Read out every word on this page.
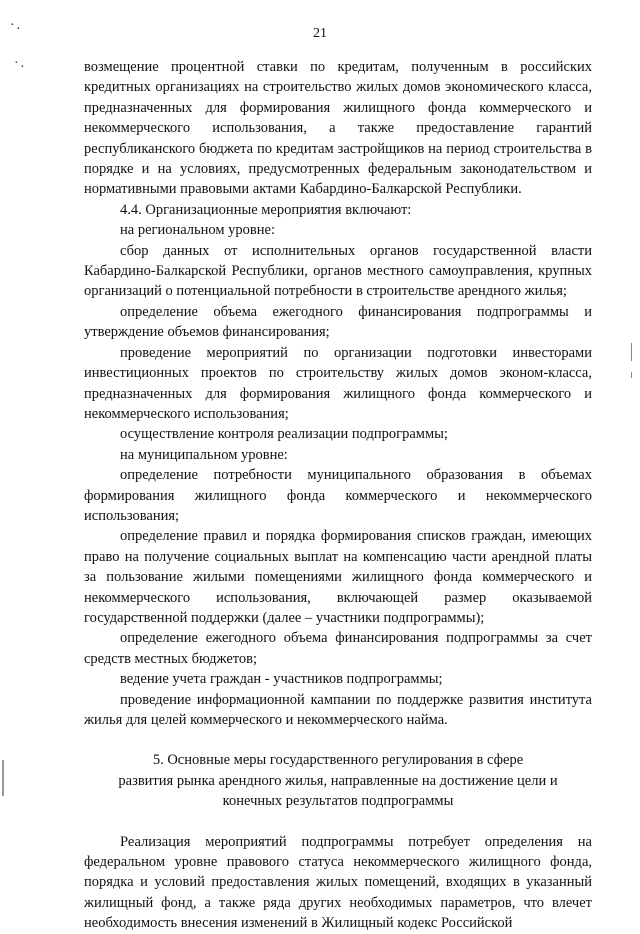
21
·.
·.	возмещение процентной ставки по кредитам, полученным в российских кредитных организациях на строительство жилых домов экономического класса, предназначенных для формирования жилищного фонда коммерческого и некоммерческого использования, а также предоставление гарантий республиканского бюджета по кредитам застройщиков на период строительства в порядке и на условиях, предусмотренных федеральным законодательством и нормативными правовыми актами Кабардино-Балкарской Республики.

4.4. Организационные мероприятия включают:

на региональном уровне:

сбор данных от исполнительных органов государственной власти Кабардино-Балкарской Республики, органов местного самоуправления, крупных организаций о потенциальной потребности в строительстве арендного жилья;

определение объема ежегодного финансирования подпрограммы и утверждение объемов финансирования;

проведение мероприятий по организации подготовки инвесторами инвестиционных проектов по строительству жилых домов эконом-класса, предназначенных для формирования жилищного фонда коммерческого и некоммерческого использования;

осуществление контроля реализации подпрограммы;

на муниципальном уровне:

определение потребности муниципального образования в объемах формирования жилищного фонда коммерческого и некоммерческого использования;

определение правил и порядка формирования списков граждан, имеющих право на получение социальных выплат на компенсацию части арендной платы за пользование жилыми помещениями жилищного фонда коммерческого и некоммерческого использования, включающей размер оказываемой государственной поддержки (далее – участники подпрограммы);

определение ежегодного объема финансирования подпрограммы за счет средств местных бюджетов;

ведение учета граждан - участников подпрограммы;

проведение информационной кампании по поддержке развития института жилья для целей коммерческого и некоммерческого найма.

5. Основные меры государственного регулирования в сфере
развития рынка арендного жилья, направленные на достижение цели и
конечных результатов подпрограммы

Реализация мероприятий подпрограммы потребует определения на федеральном уровне правового статуса некоммерческого жилищного фонда, порядка и условий предоставления жилых помещений, входящих в указанный жилищный фонд, а также ряда других необходимых параметров, что влечет необходимость внесения изменений в Жилищный кодекс Российской
